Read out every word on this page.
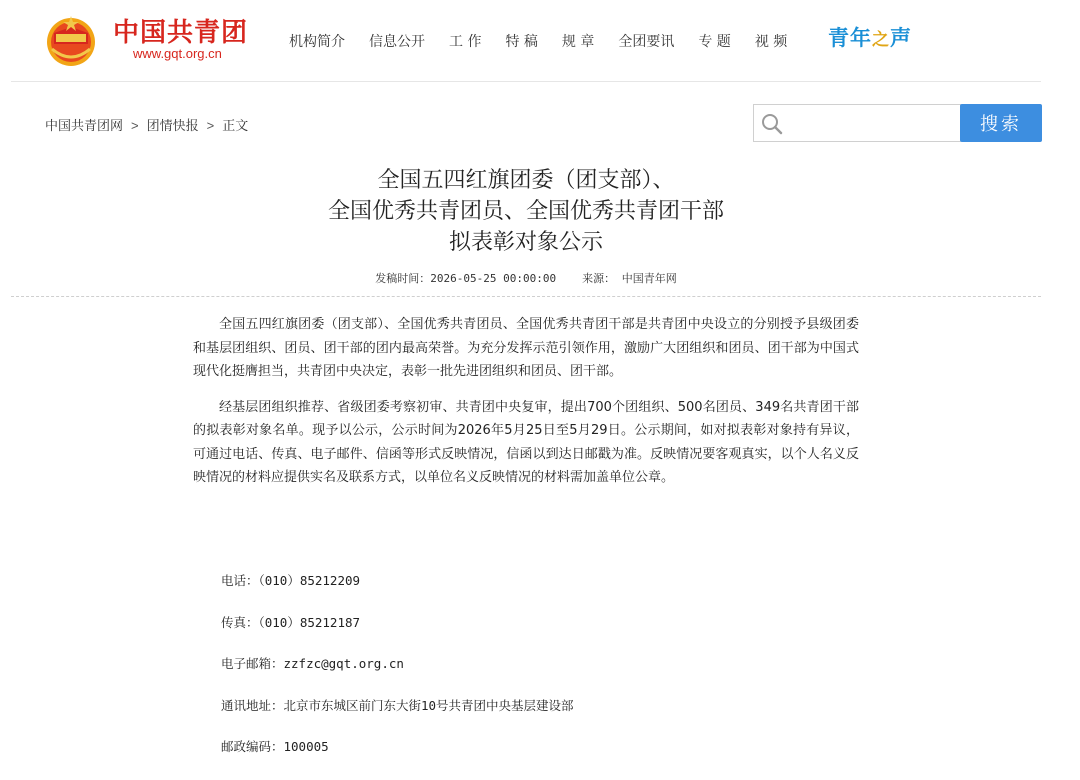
中国共青团
www.gqt.org.cn
机构简介 信息公开 工 作 特 稿 规 章 全团要讯 专 题 视 频 青年之声
中国共青团网 > 团情快报 > 正文	搜索
全国五四红旗团委（团支部）、
全国优秀共青团员、全国优秀共青团干部
拟表彰对象公示
发稿时间：2026-05-25 00:00:00 来源： 中国青年网

全国五四红旗团委（团支部）、全国优秀共青团员、全国优秀共青团干部是共青团中央设立的分别授予县级团委和基层团组织、团员、团干部的团内最高荣誉。为充分发挥示范引领作用，激励广大团组织和团员、团干部为中国式现代化挺膺担当，共青团中央决定，表彰一批先进团组织和团员、团干部。

经基层团组织推荐、省级团委考察初审、共青团中央复审，提出700个团组织、500名团员、349名共青团干部的拟表彰对象名单。现予以公示，公示时间为2026年5月25日至5月29日。公示期间，如对拟表彰对象持有异议，可通过电话、传真、电子邮件、信函等形式反映情况，信函以到达日邮戳为准。反映情况要客观真实，以个人名义反映情况的材料应提供实名及联系方式，以单位名义反映情况的材料需加盖单位公章。

电话：（010）85212209
传真：（010）85212187
电子邮箱：zzfzc@gqt.org.cn
通讯地址：北京市东城区前门东大街10号共青团中央基层建设部
邮政编码：100005
